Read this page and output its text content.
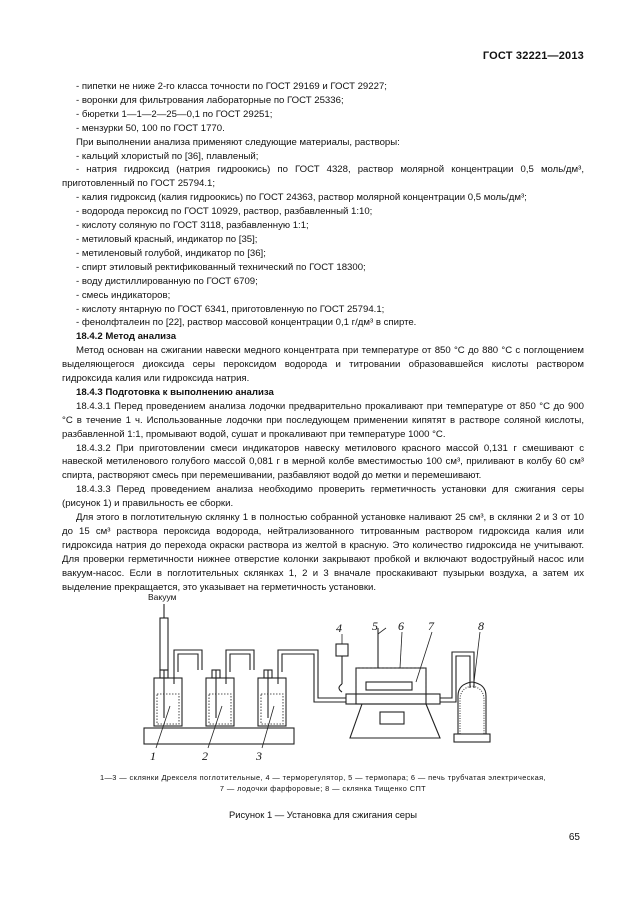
ГОСТ 32221—2013

- пипетки не ниже 2-го класса точности по ГОСТ 29169 и ГОСТ 29227;

- воронки для фильтрования лабораторные по ГОСТ 25336;

- бюретки 1—1—2—25—0,1 по ГОСТ 29251;

- мензурки 50, 100 по ГОСТ 1770.

При выполнении анализа применяют следующие материалы, растворы:

- кальций хлористый по [36], плавленый;

- натрия гидроксид (натрия гидроокись) по ГОСТ 4328, раствор молярной концентрации 0,5 моль/дм³, приготовленный по ГОСТ 25794.1;

- калия гидроксид (калия гидроокись) по ГОСТ 24363, раствор молярной концентрации 0,5 моль/дм³;

- водорода пероксид по ГОСТ 10929, раствор, разбавленный 1:10;

- кислоту соляную по ГОСТ 3118, разбавленную 1:1;

- метиловый красный, индикатор по [35];

- метиленовый голубой, индикатор по [36];

- спирт этиловый ректификованный технический по ГОСТ 18300;

- воду дистиллированную по ГОСТ 6709;

- смесь индикаторов;

- кислоту янтарную по ГОСТ 6341, приготовленную по ГОСТ 25794.1;

- фенолфталеин по [22], раствор массовой концентрации 0,1 г/дм³ в спирте.

18.4.2 Метод анализа

Метод основан на сжигании навески медного концентрата при температуре от 850 °С до 880 °С с поглощением выделяющегося диоксида серы пероксидом водорода и титровании образовавшейся кислоты раствором гидроксида калия или гидроксида натрия.

18.4.3 Подготовка к выполнению анализа

18.4.3.1 Перед проведением анализа лодочки предварительно прокаливают при температуре от 850 °С до 900 °С в течение 1 ч. Использованные лодочки при последующем применении кипятят в растворе соляной кислоты, разбавленной 1:1, промывают водой, сушат и прокаливают при температуре 1000 °С.

18.4.3.2 При приготовлении смеси индикаторов навеску метилового красного массой 0,131 г смешивают с навеской метиленового голубого массой 0,081 г в мерной колбе вместимостью 100 см³, приливают в колбу 60 см³ спирта, растворяют смесь при перемешивании, разбавляют водой до метки и перемешивают.

18.4.3.3 Перед проведением анализа необходимо проверить герметичность установки для сжигания серы (рисунок 1) и правильность ее сборки.

Для этого в поглотительную склянку 1 в полностью собранной установке наливают 25 см³, в склянки 2 и 3 от 10 до 15 см³ раствора пероксида водорода, нейтрализованного титрованным раствором гидроксида калия или гидроксида натрия до перехода окраски раствора из желтой в красную. Это количество гидроксида не учитывают. Для проверки герметичности нижнее отверстие колонки закрывают пробкой и включают водоструйный насос или вакуум-насос. Если в поглотительных склянках 1, 2 и 3 вначале проскакивают пузырьки воздуха, а затем их выделение прекращается, это указывает на герметичность установки.

Вакуум
1	2	3
4	5 6 7	8
1—3 — склянки Дрекселя поглотительные, 4 — терморегулятор, 5 — термопара; 6 — печь трубчатая электрическая,
7 — лодочки фарфоровые; 8 — склянка Тищенко СПТ
Рисунок 1 — Установка для сжигания серы
65
